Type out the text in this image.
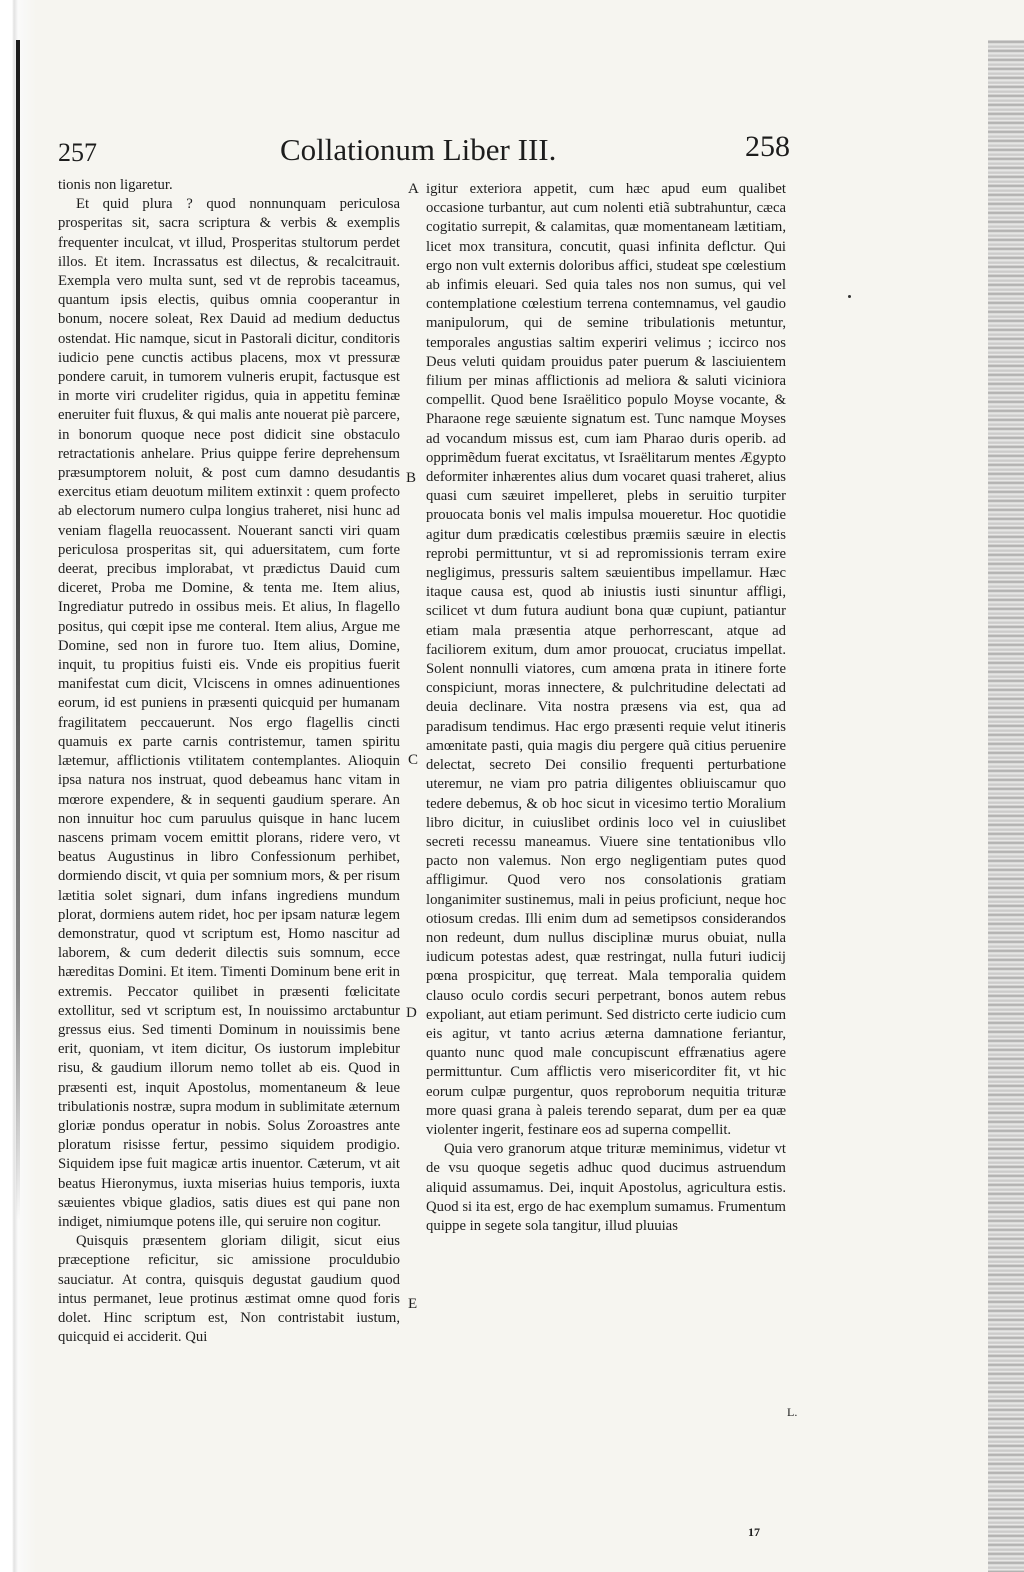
257	Collationum Liber III.	258

tionis non ligaretur.

Et quid plura ? quod nonnunquam periculosa prosperitas sit, sacra scriptura & verbis & exemplis frequenter inculcat, vt illud, Prosperitas stultorum perdet illos. Et item. Incrassatus est dilectus, & recalcitrauit. Exempla vero multa sunt, sed vt de reprobis taceamus, quantum ipsis electis, quibus omnia cooperantur in bonum, nocere soleat, Rex Dauid ad medium deductus ostendat. Hic namque, sicut in Pastorali dicitur, conditoris iudicio pene cunctis actibus placens, mox vt pressuræ pondere caruit, in tumorem vulneris erupit, factusque est in morte viri crudeliter rigidus, quia in appetitu feminæ eneruiter fuit fluxus, & qui malis ante nouerat piè parcere, in bonorum quoque nece post didicit sine obstaculo retractationis anhelare. Prius quippe ferire deprehensum præsumptorem noluit, & post cum damno desudantis exercitus etiam deuotum militem extinxit : quem profecto ab electorum numero culpa longius traheret, nisi hunc ad veniam flagella reuocassent. Nouerant sancti viri quam periculosa prosperitas sit, qui aduersitatem, cum forte deerat, precibus implorabat, vt prædictus Dauid cum diceret, Proba me Domine, & tenta me. Item alius, Ingrediatur putredo in ossibus meis. Et alius, In flagello positus, qui cœpit ipse me conteral. Item alius, Argue me Domine, sed non in furore tuo. Item alius, Domine, inquit, tu propitius fuisti eis. Vnde eis propitius fuerit manifestat cum dicit, Vlciscens in omnes adinuentiones eorum, id est puniens in præsenti quicquid per humanam fragilitatem peccauerunt. Nos ergo flagellis cincti quamuis ex parte carnis contristemur, tamen spiritu lætemur, afflictionis vtilitatem contemplantes. Alioquin ipsa natura nos instruat, quod debeamus hanc vitam in mœrore expendere, & in sequenti gaudium sperare. An non innuitur hoc cum paruulus quisque in hanc lucem nascens primam vocem emittit plorans, ridere vero, vt beatus Augustinus in libro Confessionum perhibet, dormiendo discit, vt quia per somnium mors, & per risum lætitia solet signari, dum infans ingrediens mundum plorat, dormiens autem ridet, hoc per ipsam naturæ legem demonstratur, quod vt scriptum est, Homo nascitur ad laborem, & cum dederit dilectis suis somnum, ecce hæreditas Domini. Et item. Timenti Dominum bene erit in extremis. Peccator quilibet in præsenti fœlicitate extollitur, sed vt scriptum est, In nouissimo arctabuntur gressus eius. Sed timenti Dominum in nouissimis bene erit, quoniam, vt item dicitur, Os iustorum implebitur risu, & gaudium illorum nemo tollet ab eis. Quod in præsenti est, inquit Apostolus, momentaneum & leue tribulationis nostræ, supra modum in sublimitate æternum gloriæ pondus operatur in nobis. Solus Zoroastres ante ploratum risisse fertur, pessimo siquidem prodigio. Siquidem ipse fuit magicæ artis inuentor. Cæterum, vt ait beatus Hieronymus, iuxta miserias huius temporis, iuxta sæuientes vbique gladios, satis diues est qui pane non indiget, nimiumque potens ille, qui seruire non cogitur.

Quisquis præsentem gloriam diligit, sicut eius præceptione reficitur, sic amissione proculdubio sauciatur. At contra, quisquis degustat gaudium quod intus permanet, leue protinus æstimat omne quod foris dolet. Hinc scriptum est, Non contristabit iustum, quicquid ei acciderit. Qui

igitur exteriora appetit, cum hæc apud eum qualibet occasione turbantur, aut cum nolenti etiã subtrahuntur, cæca cogitatio surrepit, & calamitas, quæ momentaneam lætitiam, licet mox transitura, concutit, quasi infinita deflctur. Qui ergo non vult externis doloribus affici, studeat spe cœlestium ab infimis eleuari. Sed quia tales nos non sumus, qui vel contemplatione cœlestium terrena contemnamus, vel gaudio manipulorum, qui de semine tribulationis metuntur, temporales angustias saltim experiri velimus ; iccirco nos Deus veluti quidam prouidus pater puerum & lasciuientem filium per minas afflictionis ad meliora & saluti viciniora compellit. Quod bene Israëlitico populo Moyse vocante, & Pharaone rege sæuiente signatum est. Tunc namque Moyses ad vocandum missus est, cum iam Pharao duris operib. ad opprimẽdum fuerat excitatus, vt Israëlitarum mentes Ægypto deformiter inhærentes alius dum vocaret quasi traheret, alius quasi cum sæuiret impelleret, plebs in seruitio turpiter prouocata bonis vel malis impulsa moueretur. Hoc quotidie agitur dum prædicatis cœlestibus præmiis sæuire in electis reprobi permittuntur, vt si ad repromissionis terram exire negligimus, pressuris saltem sæuientibus impellamur. Hæc itaque causa est, quod ab iniustis iusti sinuntur affligi, scilicet vt dum futura audiunt bona quæ cupiunt, patiantur etiam mala præsentia atque perhorrescant, atque ad faciliorem exitum, dum amor prouocat, cruciatus impellat. Solent nonnulli viatores, cum amœna prata in itinere forte conspiciunt, moras innectere, & pulchritudine delectati ad deuia declinare. Vita nostra præsens via est, qua ad paradisum tendimus. Hac ergo præsenti requie velut itineris amœnitate pasti, quia magis diu pergere quã citius peruenire delectat, secreto Dei consilio frequenti perturbatione uteremur, ne viam pro patria diligentes obliuiscamur quo tedere debemus, & ob hoc sicut in vicesimo tertio Moralium libro dicitur, in cuiuslibet ordinis loco vel in cuiuslibet secreti recessu maneamus. Viuere sine tentationibus vllo pacto non valemus. Non ergo negligentiam putes quod affligimur. Quod vero nos consolationis gratiam longanimiter sustinemus, mali in peius proficiunt, neque hoc otiosum credas. Illi enim dum ad semetipsos considerandos non redeunt, dum nullus disciplinæ murus obuiat, nulla iudicum potestas adest, quæ restringat, nulla futuri iudicij pœna prospicitur, quę terreat. Mala temporalia quidem clauso oculo cordis securi perpetrant, bonos autem rebus expoliant, aut etiam perimunt. Sed districto certe iudicio cum eis agitur, vt tanto acrius æterna damnatione feriantur, quanto nunc quod male concupiscunt effrænatius agere permittuntur. Cum afflictis vero misericorditer fit, vt hic eorum culpæ purgentur, quos reproborum nequitia trituræ more quasi grana à paleis terendo separat, dum per ea quæ violenter ingerit, festinare eos ad superna compellit.

Quia vero granorum atque trituræ meminimus, videtur vt de vsu quoque segetis adhuc quod ducimus astruendum aliquid assumamus. Dei, inquit Apostolus, agricultura estis. Quod si ita est, ergo de hac exemplum sumamus. Frumentum quippe in segete sola tangitur, illud pluuias

A
B
C
D
E
L.
17
